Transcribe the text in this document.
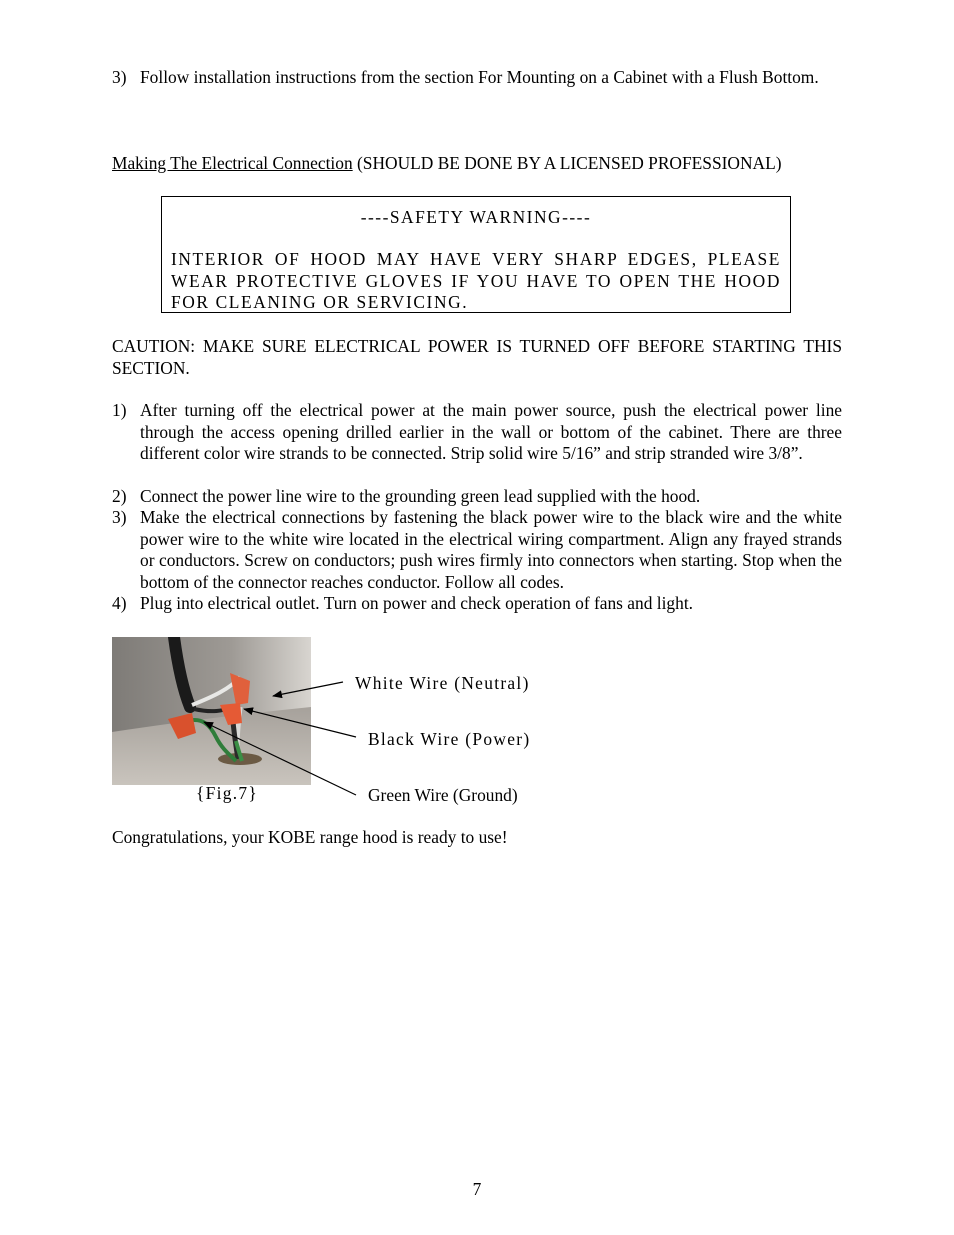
3) Follow installation instructions from the section For Mounting on a Cabinet with a Flush Bottom.
Making The Electrical Connection (SHOULD BE DONE BY A LICENSED PROFESSIONAL)
----SAFETY WARNING----
INTERIOR OF HOOD MAY HAVE VERY SHARP EDGES, PLEASE WEAR PROTECTIVE GLOVES IF YOU HAVE TO OPEN THE HOOD FOR CLEANING OR SERVICING.
CAUTION: MAKE SURE ELECTRICAL POWER IS TURNED OFF BEFORE STARTING THIS SECTION.
1) After turning off the electrical power at the main power source, push the electrical power line through the access opening drilled earlier in the wall or bottom of the cabinet. There are three different color wire strands to be connected. Strip solid wire 5/16” and strip stranded wire 3/8”.
2) Connect the power line wire to the grounding green lead supplied with the hood.
3) Make the electrical connections by fastening the black power wire to the black wire and the white power wire to the white wire located in the electrical wiring compartment. Align any frayed strands or conductors. Screw on conductors; push wires firmly into connectors when starting. Stop when the bottom of the connector reaches conductor. Follow all codes.
4) Plug into electrical outlet. Turn on power and check operation of fans and light.
White Wire (Neutral)
Black Wire (Power)
Green Wire (Ground)
{Fig.7}
Congratulations, your KOBE range hood is ready to use!
7
